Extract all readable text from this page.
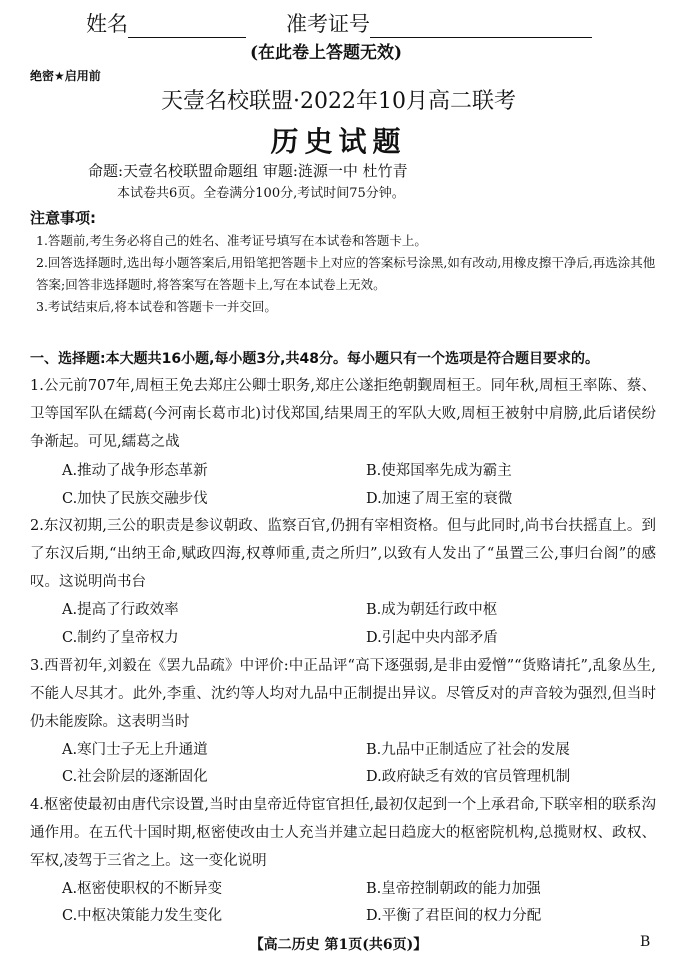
姓名	准考证号
(在此卷上答题无效)
绝密★启用前
天壹名校联盟·2022年10月高二联考
历史试题
命题:天壹名校联盟命题组 审题:涟源一中 杜竹青
本试卷共6页。全卷满分100分,考试时间75分钟。
注意事项:
1.答题前,考生务必将自己的姓名、准考证号填写在本试卷和答题卡上。
2.回答选择题时,选出每小题答案后,用铅笔把答题卡上对应的答案标号涂黑,如有改动,用橡皮擦干净后,再选涂其他答案;回答非选择题时,将答案写在答题卡上,写在本试卷上无效。
3.考试结束后,将本试卷和答题卡一并交回。
一、选择题:本大题共16小题,每小题3分,共48分。每小题只有一个选项是符合题目要求的。
1.公元前707年,周桓王免去郑庄公卿士职务,郑庄公遂拒绝朝觐周桓王。同年秋,周桓王率陈、蔡、卫等国军队在繻葛(今河南长葛市北)讨伐郑国,结果周王的军队大败,周桓王被射中肩膀,此后诸侯纷争渐起。可见,繻葛之战
A.推动了战争形态革新	B.使郑国率先成为霸主
C.加快了民族交融步伐	D.加速了周王室的衰微
2.东汉初期,三公的职责是参议朝政、监察百官,仍拥有宰相资格。但与此同时,尚书台扶摇直上。到了东汉后期,“出纳王命,赋政四海,权尊师重,责之所归”,以致有人发出了“虽置三公,事归台阁”的感叹。这说明尚书台
A.提高了行政效率	B.成为朝廷行政中枢
C.制约了皇帝权力	D.引起中央内部矛盾
3.西晋初年,刘毅在《罢九品疏》中评价:中正品评“高下逐强弱,是非由爱憎”“货赂请托”,乱象丛生,不能人尽其才。此外,李重、沈约等人均对九品中正制提出异议。尽管反对的声音较为强烈,但当时仍未能废除。这表明当时
A.寒门士子无上升通道	B.九品中正制适应了社会的发展
C.社会阶层的逐渐固化	D.政府缺乏有效的官员管理机制
4.枢密使最初由唐代宗设置,当时由皇帝近侍宦官担任,最初仅起到一个上承君命,下联宰相的联系沟通作用。在五代十国时期,枢密使改由士人充当并建立起日趋庞大的枢密院机构,总揽财权、政权、军权,凌驾于三省之上。这一变化说明
A.枢密使职权的不断异变	B.皇帝控制朝政的能力加强
C.中枢决策能力发生变化	D.平衡了君臣间的权力分配
【高二历史 第1页(共6页)】	B
